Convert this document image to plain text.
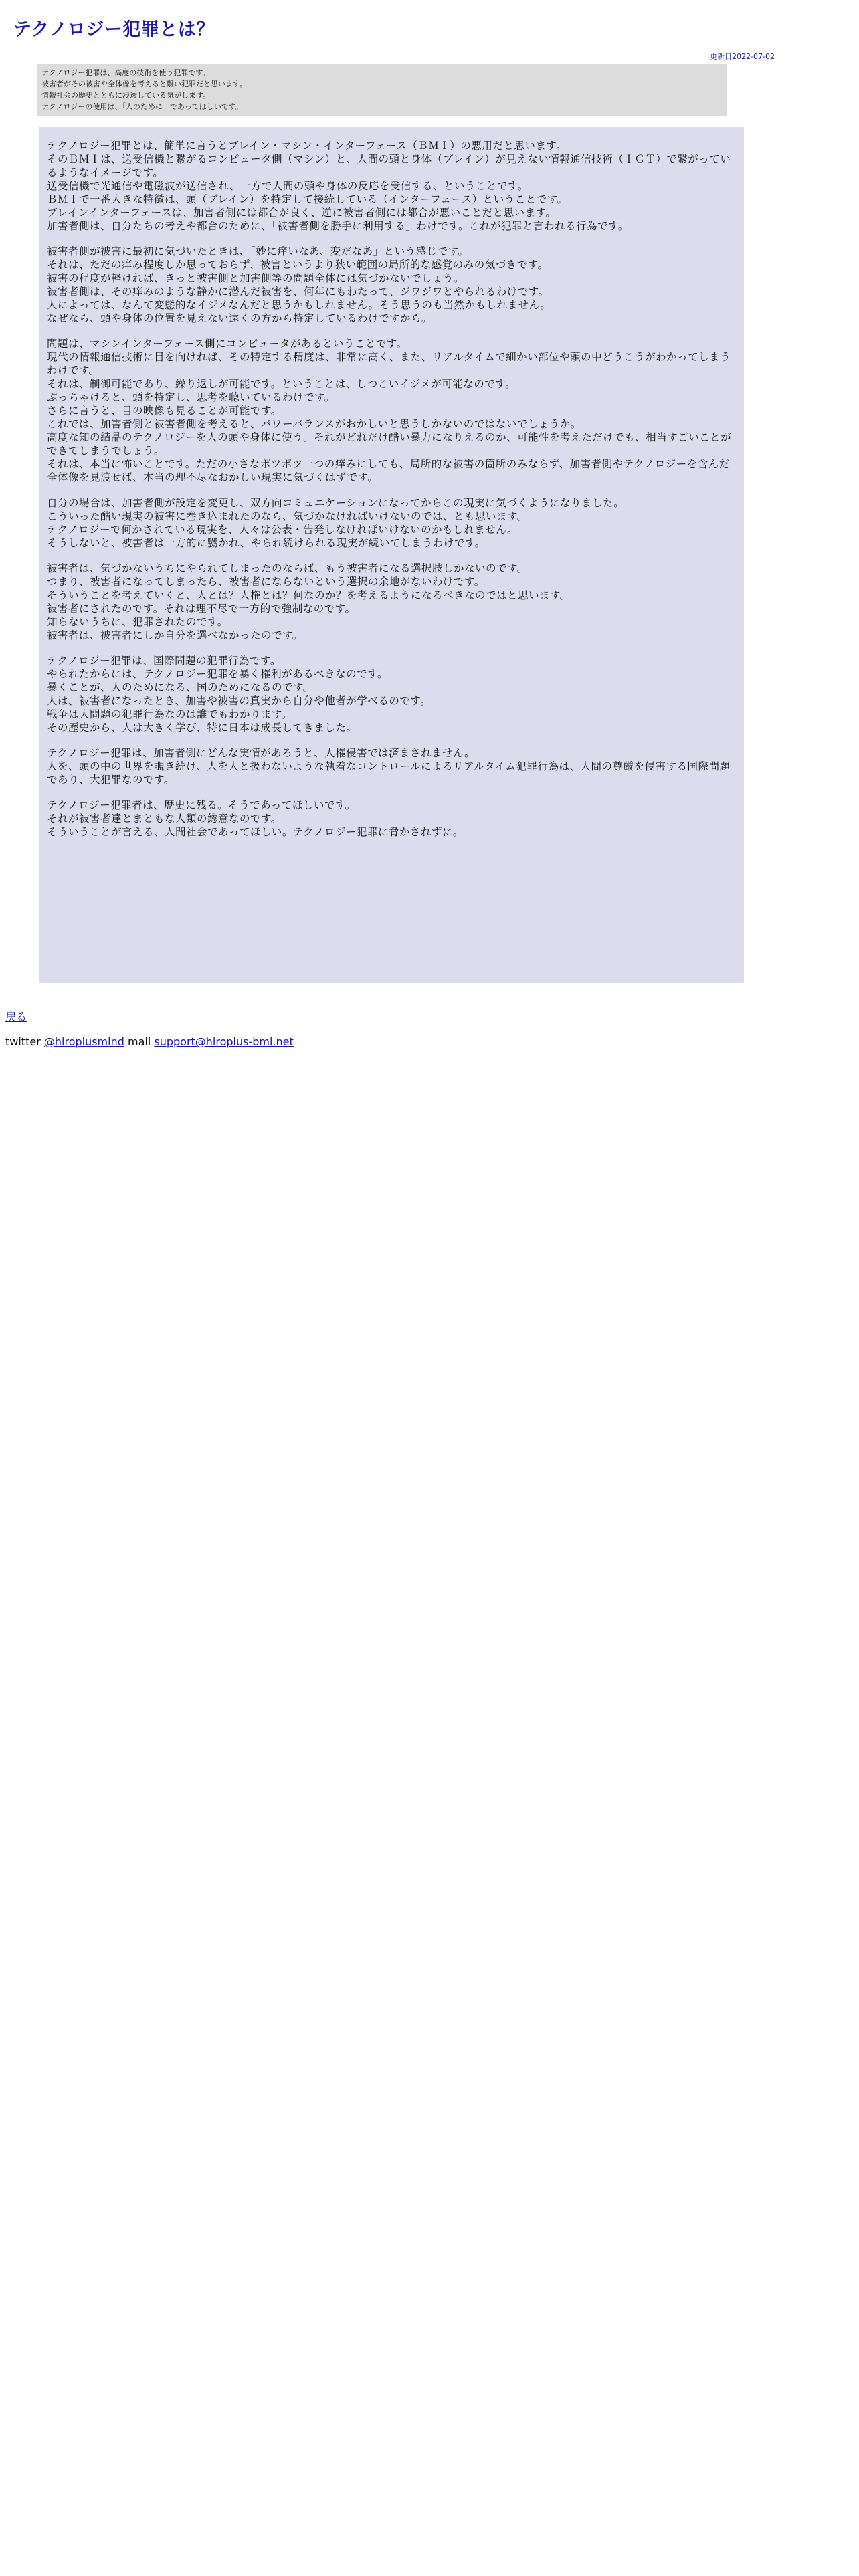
テクノロジー犯罪とは？
更新日2022-07-02
テクノロジー犯罪は、高度の技術を使う犯罪です。
被害者がその被害や全体像を考えると難い犯罪だと思います。
情報社会の歴史とともに浸透している気がします。
テクノロジーの使用は、「人のために」であってほしいです。
テクノロジー犯罪とは、簡単に言うとブレイン・マシン・インターフェース（ＢＭＩ）の悪用だと思います。
そのＢＭＩは、送受信機と繋がるコンピュータ側（マシン）と、人間の頭と身体（ブレイン）が見えない情報通信技術（ＩＣＴ）で繋がっているようなイメージです。
送受信機で光通信や電磁波が送信され、一方で人間の頭や身体の反応を受信する、ということです。
ＢＭＩで一番大きな特徴は、頭（ブレイン）を特定して接続している（インターフェース）ということです。
ブレインインターフェースは、加害者側には都合が良く、逆に被害者側には都合が悪いことだと思います。
加害者側は、自分たちの考えや都合のために、「被害者側を勝手に利用する」わけです。これが犯罪と言われる行為です。
被害者側が被害に最初に気づいたときは、「妙に痒いなあ、変だなあ」という感じです。
それは、ただの痒み程度しか思っておらず、被害というより狭い範囲の局所的な感覚のみの気づきです。
被害の程度が軽ければ、きっと被害側と加害側等の問題全体には気づかないでしょう。
被害者側は、その痒みのような静かに潜んだ被害を、何年にもわたって、ジワジワとやられるわけです。
人によっては、なんて変態的なイジメなんだと思うかもしれません。そう思うのも当然かもしれません。
なぜなら、頭や身体の位置を見えない遠くの方から特定しているわけですから。
問題は、マシンインターフェース側にコンピュータがあるということです。
現代の情報通信技術に目を向ければ、その特定する精度は、非常に高く、また、リアルタイムで細かい部位や頭の中どうこうがわかってしまうわけです。
それは、制御可能であり、繰り返しが可能です。ということは、しつこいイジメが可能なのです。
ぶっちゃけると、頭を特定し、思考を聴いているわけです。
さらに言うと、目の映像も見ることが可能です。
これでは、加害者側と被害者側を考えると、パワーバランスがおかしいと思うしかないのではないでしょうか。
高度な知の結晶のテクノロジーを人の頭や身体に使う。それがどれだけ酷い暴力になりえるのか、可能性を考えただけでも、相当すごいことができてしまうでしょう。
それは、本当に怖いことです。ただの小さなポツポツ一つの痒みにしても、局所的な被害の箇所のみならず、加害者側やテクノロジーを含んだ全体像を見渡せば、本当の理不尽なおかしい現実に気づくはずです。
自分の場合は、加害者側が設定を変更し、双方向コミュニケーションになってからこの現実に気づくようになりました。
こういった酷い現実の被害に巻き込まれたのなら、気づかなければいけないのでは、とも思います。
テクノロジーで何かされている現実を、人々は公表・告発しなければいけないのかもしれません。
そうしないと、被害者は一方的に嬲かれ、やられ続けられる現実が続いてしまうわけです。
被害者は、気づかないうちにやられてしまったのならば、もう被害者になる選択肢しかないのです。
つまり、被害者になってしまったら、被害者にならないという選択の余地がないわけです。
そういうことを考えていくと、人とは？人権とは？何なのか？を考えるようになるべきなのではと思います。
被害者にされたのです。それは理不尽で一方的で強制なのです。
知らないうちに、犯罪されたのです。
被害者は、被害者にしか自分を選べなかったのです。
テクノロジー犯罪は、国際問題の犯罪行為です。
やられたからには、テクノロジー犯罪を暴く権利があるべきなのです。
暴くことが、人のためになる、国のためになるのです。
人は、被害者になったとき、加害や被害の真実から自分や他者が学べるのです。
戦争は大問題の犯罪行為なのは誰でもわかります。
その歴史から、人は大きく学び、特に日本は成長してきました。
テクノロジー犯罪は、加害者側にどんな実情があろうと、人権侵害では済まされません。
人を、頭の中の世界を覗き続け、人を人と扱わないような執着なコントロールによるリアルタイム犯罪行為は、人間の尊厳を侵害する国際問題であり、大犯罪なのです。
テクノロジー犯罪者は、歴史に残る。そうであってほしいです。
それが被害者達とまともな人類の総意なのです。
そういうことが言える、人間社会であってほしい。テクノロジー犯罪に脅かされずに。
戻る
twitter @hiroplusmind mail support@hiroplus-bmi.net
